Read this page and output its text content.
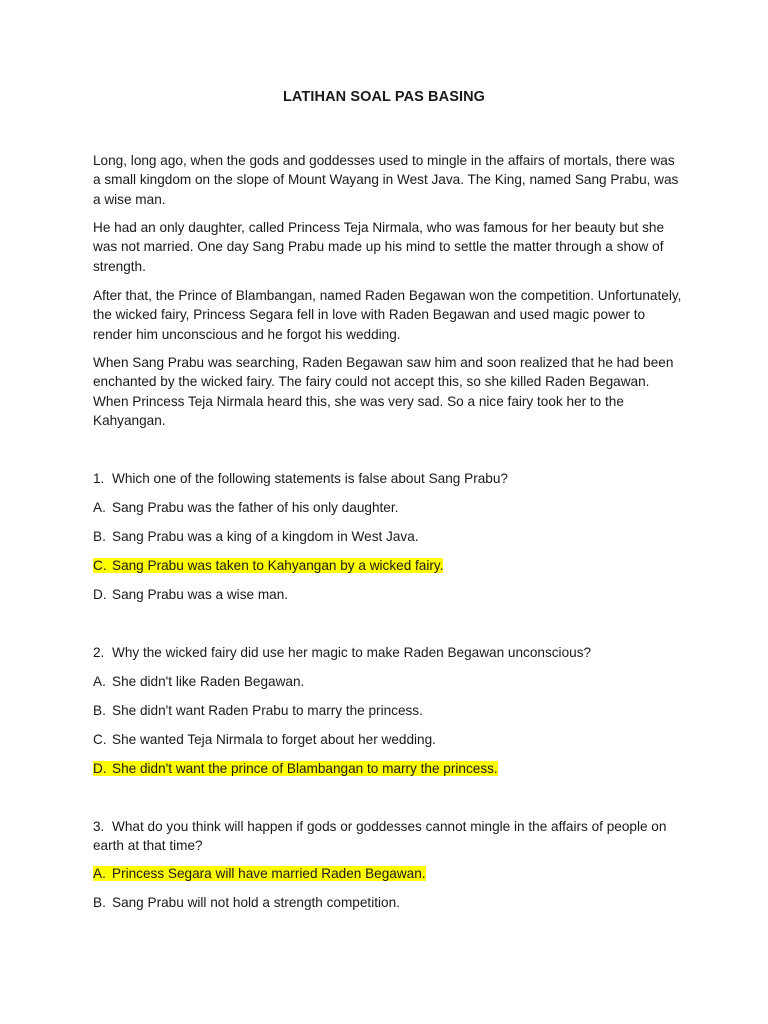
LATIHAN SOAL PAS BASING

Long, long ago, when the gods and goddesses used to mingle in the affairs of mortals, there was a small kingdom on the slope of Mount Wayang in West Java. The King, named Sang Prabu, was a wise man.

He had an only daughter, called Princess Teja Nirmala, who was famous for her beauty but she was not married. One day Sang Prabu made up his mind to settle the matter through a show of strength.

After that, the Prince of Blambangan, named Raden Begawan won the competition. Unfortunately, the wicked fairy, Princess Segara fell in love with Raden Begawan and used magic power to render him unconscious and he forgot his wedding.

When Sang Prabu was searching, Raden Begawan saw him and soon realized that he had been enchanted by the wicked fairy. The fairy could not accept this, so she killed Raden Begawan. When Princess Teja Nirmala heard this, she was very sad. So a nice fairy took her to the Kahyangan.

1. Which one of the following statements is false about Sang Prabu?
A. Sang Prabu was the father of his only daughter.
B. Sang Prabu was a king of a kingdom in West Java.
C. Sang Prabu was taken to Kahyangan by a wicked fairy.
D. Sang Prabu was a wise man.
2. Why the wicked fairy did use her magic to make Raden Begawan unconscious?
A. She didn't like Raden Begawan.
B. She didn't want Raden Prabu to marry the princess.
C. She wanted Teja Nirmala to forget about her wedding.
D. She didn't want the prince of Blambangan to marry the princess.

3. What do you think will happen if gods or goddesses cannot mingle in the affairs of people on earth at that time?

A. Princess Segara will have married Raden Begawan.
B. Sang Prabu will not hold a strength competition.
